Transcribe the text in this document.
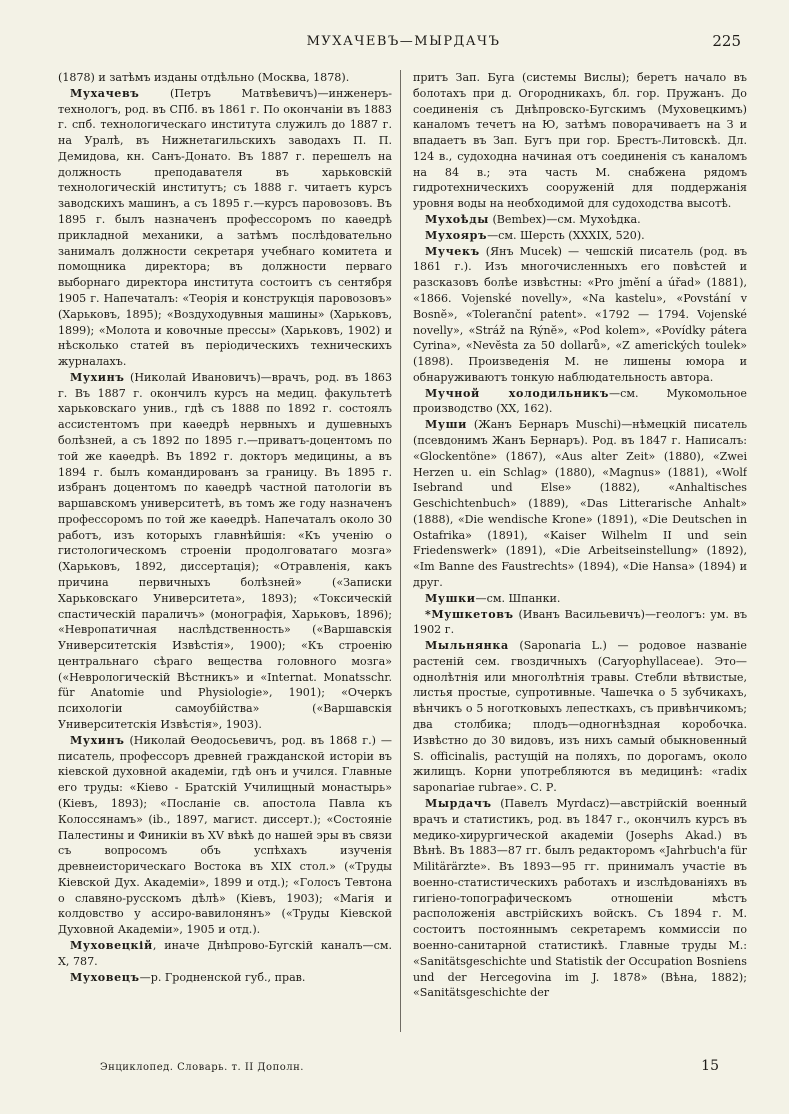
МУХАЧЕВЪ—МЫРДАЧЪ	225

(1878) и затѣмъ изданы отдѣльно (Москва, 1878).

Мухачевъ (Петръ Матвѣевичъ)—инженеръ-технологъ, род. въ СПб. въ 1861 г. По окончаніи въ 1883 г. спб. технологическаго института служилъ до 1887 г. на Уралѣ, въ Нижнетагильскихъ заводахъ П. П. Демидова, кн. Санъ-Донато. Въ 1887 г. перешелъ на должность преподавателя въ харьковскій технологическій институтъ; съ 1888 г. читаетъ курсъ заводскихъ машинъ, а съ 1895 г.—курсъ паровозовъ. Въ 1895 г. былъ назначенъ профессоромъ по каѳедрѣ прикладной механики, а затѣмъ послѣдовательно занималъ должности секретаря учебнаго комитета и помощника директора; въ должности перваго выборнаго директора института состоитъ съ сентября 1905 г. Напечаталъ: «Теорія и конструкція паровозовъ» (Харьковъ, 1895); «Воздуходувныя машины» (Харьковъ, 1899); «Молота и ковочные прессы» (Харьковъ, 1902) и нѣсколько статей въ періодическихъ техническихъ журналахъ.

Мухинъ (Николай Ивановичъ)—врачъ, род. въ 1863 г. Въ 1887 г. окончилъ курсъ на медиц. факультетѣ харьковскаго унив., гдѣ съ 1888 по 1892 г. состоялъ ассистентомъ при каѳедрѣ нервныхъ и душевныхъ болѣзней, а съ 1892 по 1895 г.—приватъ-доцентомъ по той же каѳедрѣ. Въ 1892 г. докторъ медицины, а въ 1894 г. былъ командированъ за границу. Въ 1895 г. избранъ доцентомъ по каѳедрѣ частной патологіи въ варшавскомъ университетѣ, въ томъ же году назначенъ профессоромъ по той же каѳедрѣ. Напечаталъ около 30 работъ, изъ которыхъ главнѣйшія: «Къ ученію о гистологическомъ строеніи продолговатаго мозга» (Харьковъ, 1892, диссертація); «Отравленія, какъ причина первичныхъ болѣзней» («Записки Харьковскаго Университета», 1893); «Токсическій спастическій параличъ» (монографія, Харьковъ, 1896); «Невропатичная наслѣдственность» («Варшавскія Университетскія Извѣстія», 1900); «Къ строенію центральнаго сѣраго вещества головного мозга» («Неврологическій Вѣстникъ» и «Internat. Monatsschr. für Anatomie und Physiologie», 1901); «Очеркъ психологіи самоубійства» («Варшавскія Университетскія Извѣстія», 1903).

Мухинъ (Николай Ѳеодосьевичъ, род. въ 1868 г.) — писатель, профессоръ древней гражданской исторіи въ кіевской духовной академіи, гдѣ онъ и учился. Главные его труды: «Кіево - Братскій Училищный монастырь» (Кіевъ, 1893); «Посланіе св. апостола Павла къ Колоссянамъ» (ib., 1897, магист. диссерт.); «Состояніе Палестины и Финикіи въ XV вѣкѣ до нашей эры въ связи съ вопросомъ объ успѣхахъ изученія древнеисторическаго Востока въ XIX стол.» («Труды Кіевской Дух. Академіи», 1899 и отд.); «Голосъ Тевтона о славяно-русскомъ дѣлѣ» (Кіевъ, 1903); «Магія и колдовство у ассиро-вавилонянъ» («Труды Кіевской Духовной Академіи», 1905 и отд.).

Муховецкій, иначе Днѣпрово-Бугскій каналъ—см. X, 787.

Муховецъ—р. Гродненской губ., прав.

притъ Зап. Буга (системы Вислы); беретъ начало въ болотахъ при д. Огородникахъ, бл. гор. Пружанъ. До соединенія съ Днѣпровско-Бугскимъ (Муховецкимъ) каналомъ течетъ на Ю, затѣмъ поворачиваетъ на З и впадаетъ въ Зап. Бугъ при гор. Брестъ-Литовскѣ. Дл. 124 в., судоходна начиная отъ соединенія съ каналомъ на 84 в.; эта часть М. снабжена рядомъ гидротехническихъ сооруженій для поддержанія уровня воды на необходимой для судоходства высотѣ.

Мухоѣды (Bembex)—см. Мухоѣдка.

Мухояръ—см. Шерсть (XXXIX, 520).

Мучекъ (Янъ Mucek) — чешскій писатель (род. въ 1861 г.). Изъ многочисленныхъ его повѣстей и разсказовъ болѣе извѣстны: «Pro jmĕní a úřad» (1881), «1866. Vojenské novelly», «Na kastelu», «Povstání v Bosnĕ», «Toleranční patent». «1792 — 1794. Vojenské novelly», «Stráž na Rýnĕ», «Pod kolem», «Povídky pátera Cyrina», «Nevĕsta za 50 dollarů», «Z amerických toulek» (1898). Произведенія М. не лишены юмора и обнаруживаютъ тонкую наблюдательность автора.

Мучной холодильникъ—см. Мукомольное производство (XX, 162).

Муши (Жанъ Бернаръ Muschi)—нѣмецкій писатель (псевдонимъ Жанъ Бернаръ). Род. въ 1847 г. Написалъ: «Glockentöne» (1867), «Aus alter Zeit» (1880), «Zwei Herzen u. ein Schlag» (1880), «Magnus» (1881), «Wolf Isebrand und Else» (1882), «Anhaltisches Geschichtenbuch» (1889), «Das Litterarische Anhalt» (1888), «Die wendische Krone» (1891), «Die Deutschen in Ostafrika» (1891), «Kaiser Wilhelm II und sein Friedenswerk» (1891), «Die Arbeitseinstellung» (1892), «Im Banne des Faustrechts» (1894), «Die Hansa» (1894) и друг.

Мушки—см. Шпанки.

*Мушкетовъ (Иванъ Васильевичъ)—геологъ: ум. въ 1902 г.

Мыльнянка (Saponaria L.) — родовое названіе растеній сем. гвоздичныхъ (Caryophyllaceae). Это—однолѣтнія или многолѣтнія травы. Стебли вѣтвистые, листья простые, супротивные. Чашечка о 5 зубчикахъ, вѣнчикъ о 5 ноготковыхъ лепесткахъ, съ привѣнчикомъ; два столбика; плодъ—одногнѣздная коробочка. Извѣстно до 30 видовъ, изъ нихъ самый обыкновенный S. officinalis, растущій на поляхъ, по дорогамъ, около жилищъ. Корни употребляются въ медицинѣ: «radix saponariae rubrae». С. Р.

Мырдачъ (Павелъ Myrdacz)—австрійскій военный врачъ и статистикъ, род. въ 1847 г., окончилъ курсъ въ медико-хирургической академіи (Josephs Akad.) въ Вѣнѣ. Въ 1883—87 гг. былъ редакторомъ «Jahrbuch'a für Militärärzte». Въ 1893—95 гг. принималъ участіе въ военно-статистическихъ работахъ и изслѣдованіяхъ въ гигіено-топографическомъ отношеніи мѣстъ расположенія австрійскихъ войскъ. Съ 1894 г. М. состоитъ постояннымъ секретаремъ коммиссіи по военно-санитарной статистикѣ. Главные труды М.: «Sanitätsgeschichte und Statistik der Occupation Bosniens und der Hercegovina im J. 1878» (Вѣна, 1882); «Sanitätsgeschichte der

Энциклопед. Словарь. т. II Дополн.	15
